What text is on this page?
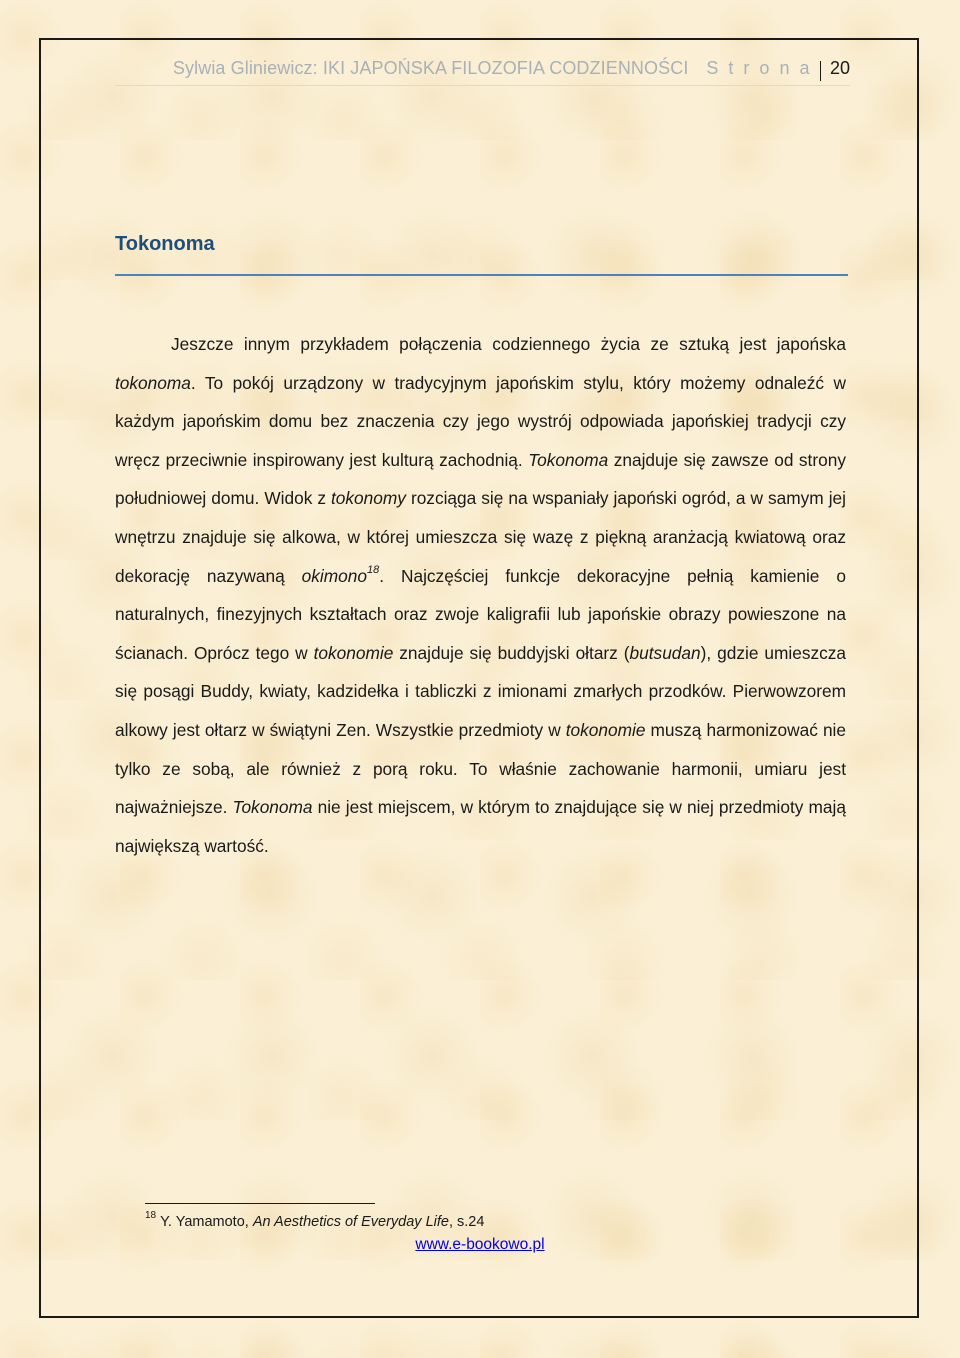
Sylwia Gliniewicz: IKI JAPOŃSKA FILOZOFIA CODZIENNOŚCI S t r o n a 20
Tokonoma

Jeszcze innym przykładem połączenia codziennego życia ze sztuką jest japońska tokonoma. To pokój urządzony w tradycyjnym japońskim stylu, który możemy odnaleźć w każdym japońskim domu bez znaczenia czy jego wystrój odpowiada japońskiej tradycji czy wręcz przeciwnie inspirowany jest kulturą zachodnią. Tokonoma znajduje się zawsze od strony południowej domu. Widok z tokonomy rozciąga się na wspaniały japoński ogród, a w samym jej wnętrzu znajduje się alkowa, w której umieszcza się wazę z piękną aranżacją kwiatową oraz dekorację nazywaną okimono$^{18}$. Najczęściej funkcje dekoracyjne pełnią kamienie o naturalnych, finezyjnych kształtach oraz zwoje kaligrafii lub japońskie obrazy powieszone na ścianach. Oprócz tego w tokonomie znajduje się buddyjski ołtarz (butsudan), gdzie umieszcza się posągi Buddy, kwiaty, kadzidełka i tabliczki z imionami zmarłych przodków. Pierwowzorem alkowy jest ołtarz w świątyni Zen. Wszystkie przedmioty w tokonomie muszą harmonizować nie tylko ze sobą, ale również z porą roku. To właśnie zachowanie harmonii, umiaru jest najważniejsze. Tokonoma nie jest miejscem, w którym to znajdujące się w niej przedmioty mają największą wartość.

$^{18}$ Y. Yamamoto, An Aesthetics of Everyday Life, s.24

www.e-bookowo.pl
